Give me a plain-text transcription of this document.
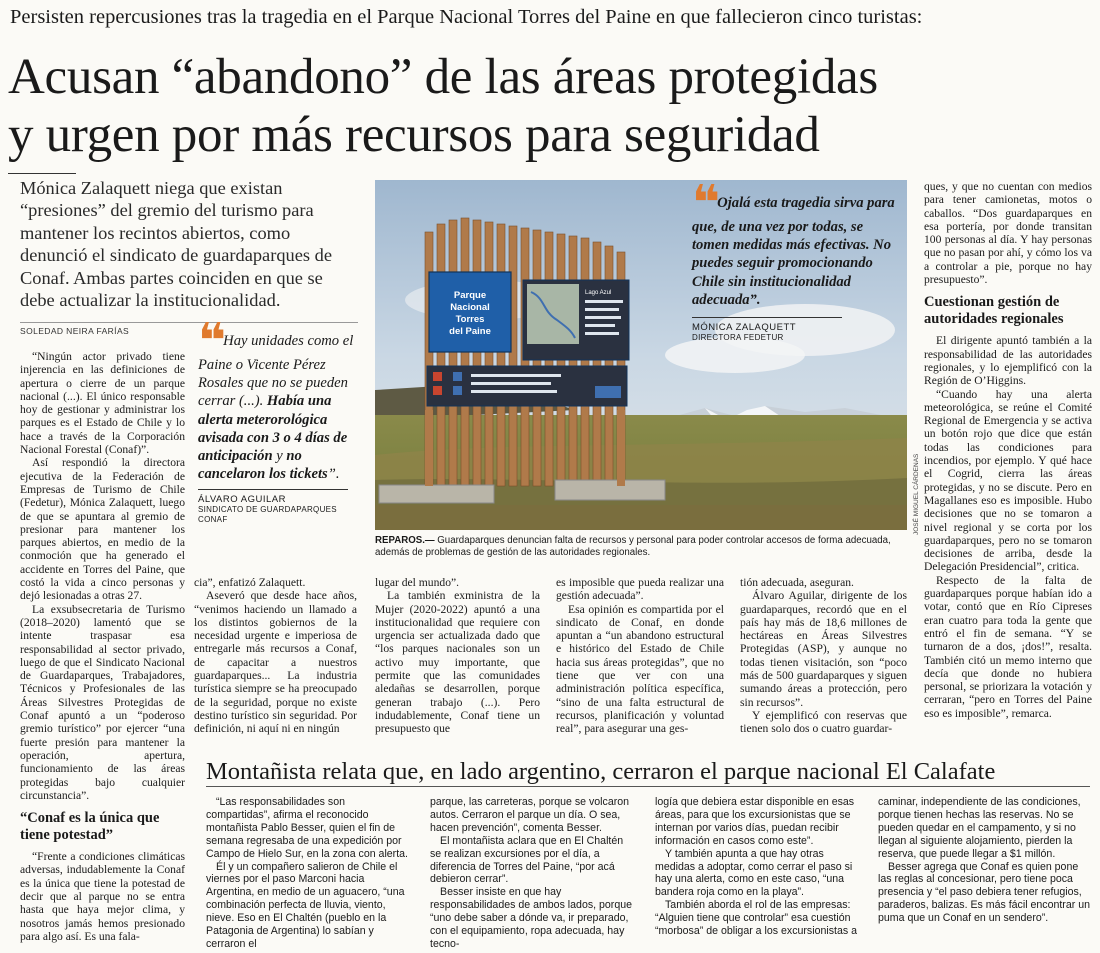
Persisten repercusiones tras la tragedia en el Parque Nacional Torres del Paine en que fallecieron cinco turistas:
Acusan “abandono” de las áreas protegidas
y urgen por más recursos para seguridad
Mónica Zalaquett niega que existan “presiones” del gremio del turismo para mantener los recintos abiertos, como denunció el sindicato de guardaparques de Conaf. Ambas partes coinciden en que se debe actualizar la institucionalidad.
SOLEDAD NEIRA FARÍAS

“Ningún actor privado tiene injerencia en las definiciones de apertura o cierre de un parque nacional (...). El único responsable hoy de gestionar y administrar los parques es el Estado de Chile y lo hace a través de la Corporación Nacional Forestal (Conaf)”.

Así respondió la directora ejecutiva de la Federación de Empresas de Turismo de Chile (Fedetur), Mónica Zalaquett, luego de que se apuntara al gremio de presionar para mantener los parques abiertos, en medio de la conmoción que ha generado el accidente en Torres del Paine, que costó la vida a cinco personas y dejó lesionadas a otras 27.

La exsubsecretaria de Turismo (2018–2020) lamentó que se intente traspasar esa responsabilidad al sector privado, luego de que el Sindicato Nacional de Guardaparques, Trabajadores, Técnicos y Profesionales de las Áreas Silvestres Protegidas de Conaf apuntó a un “poderoso gremio turístico” por ejercer “una fuerte presión para mantener la operación, apertura, funcionamiento de las áreas protegidas bajo cualquier circunstancia”.

“Conaf es la única que tiene potestad”

“Frente a condiciones climáticas adversas, indudablemente la Conaf es la única que tiene la potestad de decir que al parque no se entra hasta que haya mejor clima, y nosotros jamás hemos presionado para algo así. Es una fala-

❝ Hay unidades como el Paine o Vicente Pérez Rosales que no se pueden cerrar (...). Había una alerta meterorológica avisada con 3 o 4 días de anticipación y no cancelaron los tickets”.
ÁLVARO AGUILAR
SINDICATO DE GUARDAPARQUES CONAF
Parque
Nacional
Torres
del Paine
Lago Azul
❝ Ojalá esta tragedia sirva para que, de una vez por todas, se tomen medidas más efectivas. No puedes seguir promocionando Chile sin institucionalidad adecuada”.
MÓNICA ZALAQUETT
DIRECTORA FEDETUR
JOSÉ MIGUEL CÁRDENAS
REPAROS.— Guardaparques denuncian falta de recursos y personal para poder controlar accesos de forma adecuada, además de problemas de gestión de las autoridades regionales.

cia”, enfatizó Zalaquett.

Aseveró que desde hace años, “venimos haciendo un llamado a los distintos gobiernos de la necesidad urgente e imperiosa de entregarle más recursos a Conaf, de capacitar a nuestros guardaparques... La industria turística siempre se ha preocupado de la seguridad, porque no existe destino turístico sin seguridad. Por definición, ni aquí ni en ningún

lugar del mundo”.

La también exministra de la Mujer (2020-2022) apuntó a una institucionalidad que requiere con urgencia ser actualizada dado que “los parques nacionales son un activo muy importante, que permite que las comunidades aledañas se desarrollen, porque generan trabajo (...). Pero indudablemente, Conaf tiene un presupuesto que

es imposible que pueda realizar una gestión adecuada”.

Esa opinión es compartida por el sindicato de Conaf, en donde apuntan a “un abandono estructural e histórico del Estado de Chile hacia sus áreas protegidas”, que no tiene que ver con una administración política específica, “sino de una falta estructural de recursos, planificación y voluntad real”, para asegurar una ges-

tión adecuada, aseguran.

Álvaro Aguilar, dirigente de los guardaparques, recordó que en el país hay más de 18,6 millones de hectáreas en Áreas Silvestres Protegidas (ASP), y aunque no todas tienen visitación, son “poco más de 500 guardaparques y siguen sumando áreas a protección, pero sin recursos”.

Y ejemplificó con reservas que tienen solo dos o cuatro guardar-

ques, y que no cuentan con medios para tener camionetas, motos o caballos. “Dos guardaparques en esa portería, por donde transitan 100 personas al día. Y hay personas que no pasan por ahí, y cómo los va a controlar a pie, porque no hay presupuesto”.

Cuestionan gestión de autoridades regionales

El dirigente apuntó también a la responsabilidad de las autoridades regionales, y lo ejemplificó con la Región de O’Higgins.

“Cuando hay una alerta meteorológica, se reúne el Comité Regional de Emergencia y se activa un botón rojo que dice que están todas las condiciones para incendios, por ejemplo. Y qué hace el Cogrid, cierra las áreas protegidas, y no se discute. Pero en Magallanes eso es imposible. Hubo decisiones que no se tomaron a nivel regional y se corta por los guardaparques, pero no se tomaron decisiones de arriba, desde la Delegación Presidencial”, critica.

Respecto de la falta de guardaparques porque habían ido a votar, contó que en Río Cipreses eran cuatro para toda la gente que entró el fin de semana. “Y se turnaron de a dos, ¡dos!”, resalta. También citó un memo interno que decía que donde no hubiera personal, se priorizara la votación y cerraran, “pero en Torres del Paine eso es imposible”, remarca.

Montañista relata que, en lado argentino, cerraron el parque nacional El Calafate

“Las responsabilidades son compartidas”, afirma el reconocido montañista Pablo Besser, quien el fin de semana regresaba de una expedición por Campo de Hielo Sur, en la zona con alerta.

Él y un compañero salieron de Chile el viernes por el paso Marconi hacia Argentina, en medio de un aguacero, “una combinación perfecta de lluvia, viento, nieve. Eso en El Chaltén (pueblo en la Patagonia de Argentina) lo sabían y cerraron el

parque, las carreteras, porque se volcaron autos. Cerraron el parque un día. O sea, hacen prevención”, comenta Besser.

El montañista aclara que en El Chaltén se realizan excursiones por el día, a diferencia de Torres del Paine, “por acá debieron cerrar”.

Besser insiste en que hay responsabilidades de ambos lados, porque “uno debe saber a dónde va, ir preparado, con el equipamiento, ropa adecuada, hay tecno-

logía que debiera estar disponible en esas áreas, para que los excursionistas que se internan por varios días, puedan recibir información en casos como este”.

Y también apunta a que hay otras medidas a adoptar, como cerrar el paso si hay una alerta, como en este caso, “una bandera roja como en la playa”.

También aborda el rol de las empresas: “Alguien tiene que controlar” esa cuestión “morbosa” de obligar a los excursionistas a

caminar, independiente de las condiciones, porque tienen hechas las reservas. No se pueden quedar en el campamento, y si no llegan al siguiente alojamiento, pierden la reserva, que puede llegar a $1 millón.

Besser agrega que Conaf es quien pone las reglas al concesionar, pero tiene poca presencia y “el paso debiera tener refugios, paraderos, balizas. Es más fácil encontrar un puma que un Conaf en un sendero”.
